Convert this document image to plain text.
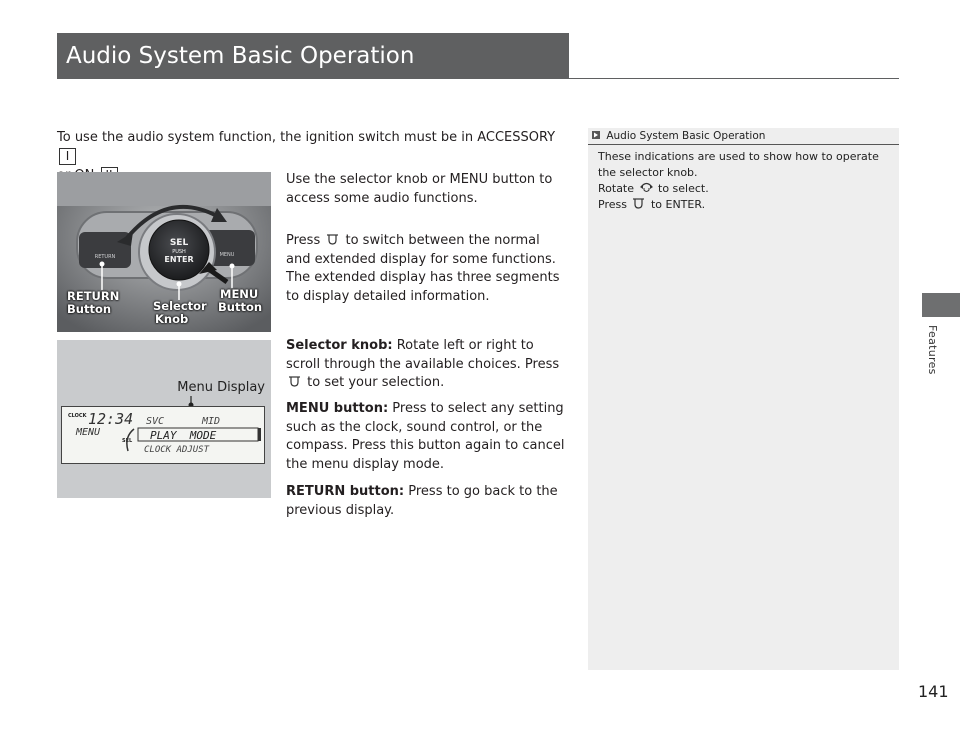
Audio System Basic Operation
Features
To use the audio system function, the ignition switch must be in ACCESSORY I

RETURN	MENU
SEL
PUSH
ENTER
RETURN
Button	Selector
Knob
MENU
Button
Menu Display
CLOCK 12:34
MENU
SEL
SVC	MID
PLAY  MODE
CLOCK ADJUST
Use the selector knob or MENU button to access some audio functions.
Press to switch between the normal and extended display for some functions. The extended display has three segments to display detailed information.
Selector knob: Rotate left or right to scroll through the available choices. Press  to set your selection.
MENU button: Press to select any setting such as the clock, sound control, or the compass. Press this button again to cancel the menu display mode.
RETURN button: Press to go back to the previous display.
Audio System Basic Operation
These indications are used to show how to operate the selector knob.
Rotate to select.
Press to ENTER.
141
